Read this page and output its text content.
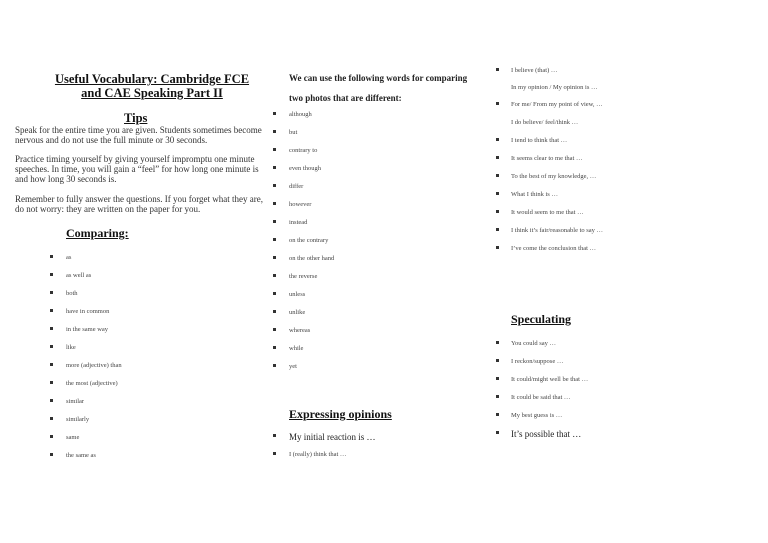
Useful Vocabulary: Cambridge FCE and CAE Speaking Part II
Tips
Speak for the entire time you are given. Students sometimes become nervous and do not use the full minute or 30 seconds.
Practice timing yourself by giving yourself impromptu one minute speeches. In time, you will gain a “feel” for how long one minute is and how long 30 seconds is.
Remember to fully answer the questions. If you forget what they are, do not worry: they are written on the paper for you.
Comparing:
as
as well as
both
have in common
in the same way
like
more (adjective) than
the most (adjective)
similar
similarly
same
the same as
We can use the following words for comparing two photos that are different:
although
but
contrary to
even though
differ
however
instead
on the contrary
on the other hand
the reverse
unless
unlike
whereas
while
yet
Expressing opinions
My initial reaction is …
I (really) think that …
I believe (that) …
In my opinion / My opinion is …
For me/ From my point of view, …
I do believe/ feel/think …
I tend to think that …
It seems clear to me that …
To the best of my knowledge, …
What I think is …
It would seem to me that …
I think it’s fair/reasonable to say …
I’ve come the conclusion that …
Speculating
You could say …
I reckon/suppose …
It could/might well be that …
It could be said that …
My best guess is …
It’s possible that …
